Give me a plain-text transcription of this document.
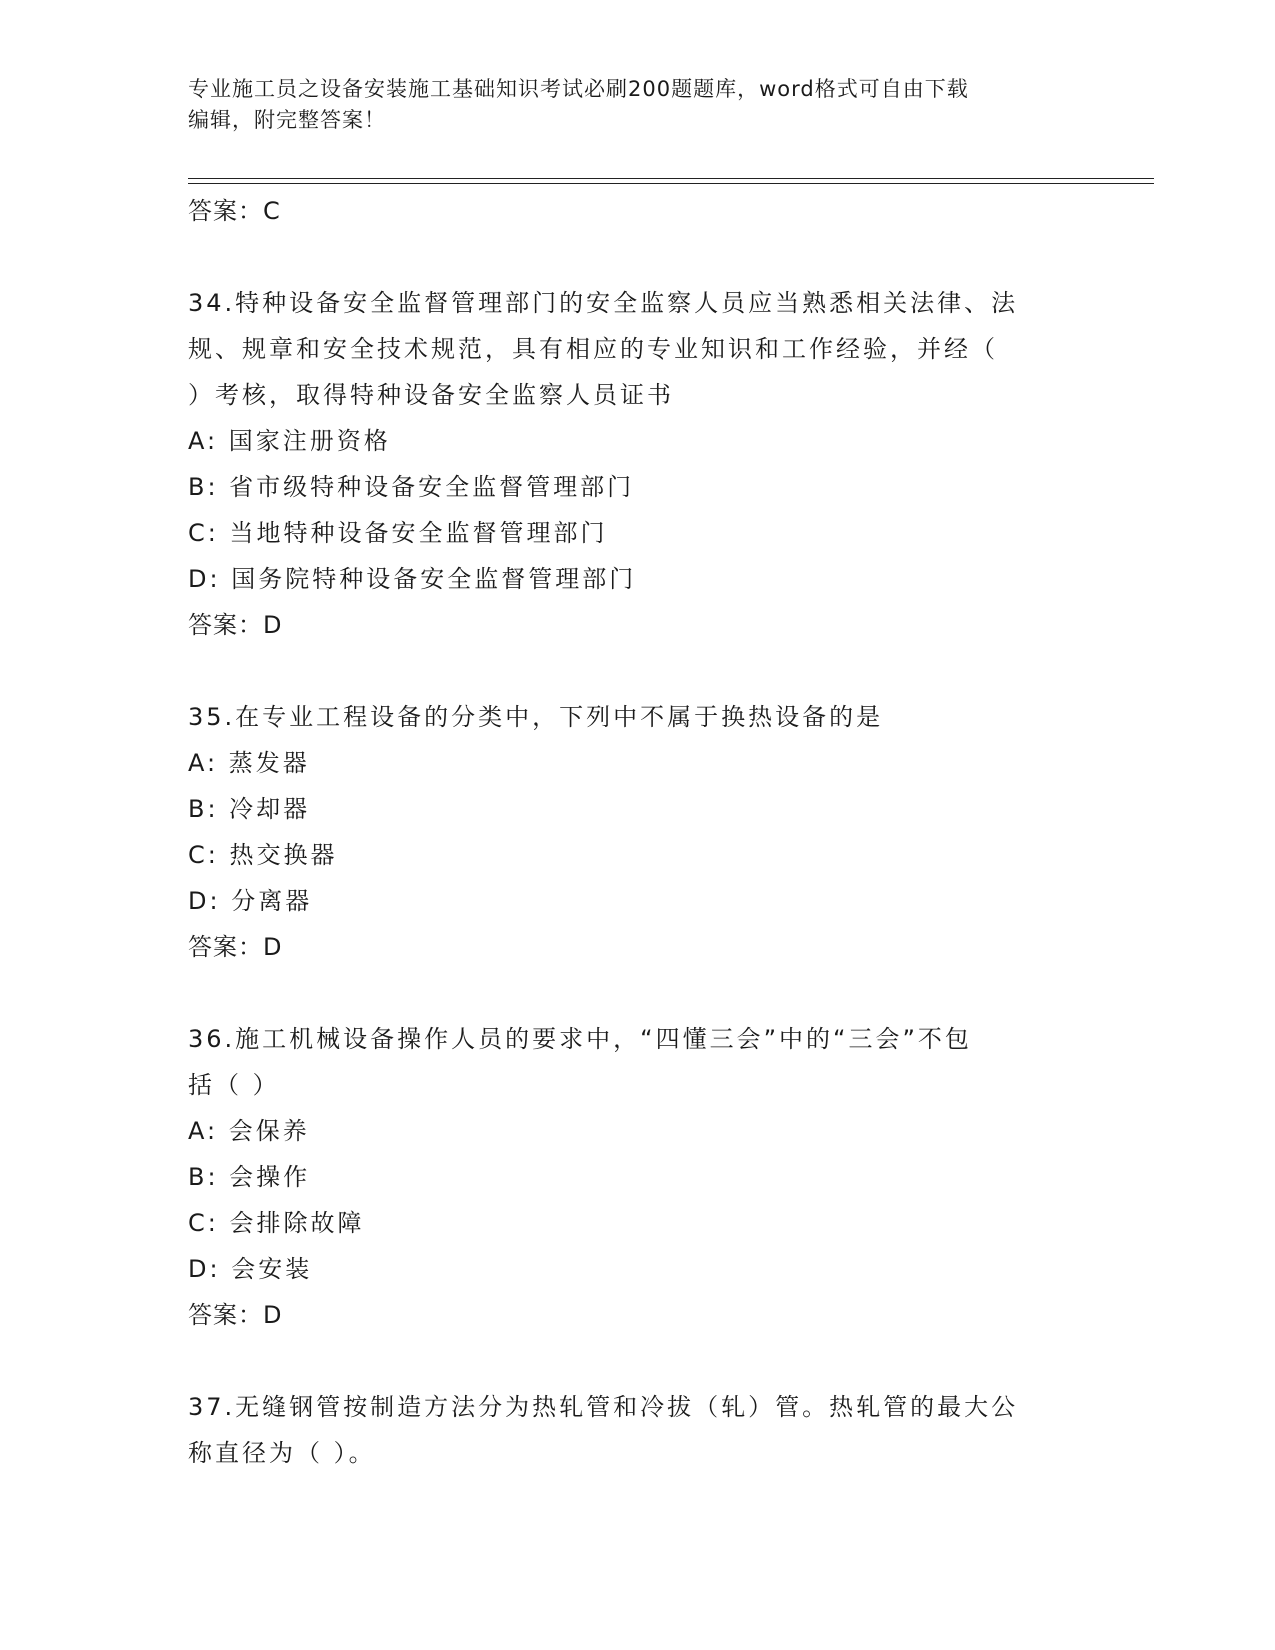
专业施工员之设备安装施工基础知识考试必刷200题题库，word格式可自由下载
编辑，附完整答案！
答案：C
34.特种设备安全监督管理部门的安全监察人员应当熟悉相关法律、法
规、规章和安全技术规范，具有相应的专业知识和工作经验，并经（
）考核，取得特种设备安全监察人员证书
A: 国家注册资格
B: 省市级特种设备安全监督管理部门
C: 当地特种设备安全监督管理部门
D: 国务院特种设备安全监督管理部门
答案：D
35.在专业工程设备的分类中，下列中不属于换热设备的是
A: 蒸发器
B: 冷却器
C: 热交换器
D: 分离器
答案：D
36.施工机械设备操作人员的要求中，“四懂三会”中的“三会”不包
括（ ）
A: 会保养
B: 会操作
C: 会排除故障
D: 会安装
答案：D
37.无缝钢管按制造方法分为热轧管和冷拔（轧）管。热轧管的最大公
称直径为（ ）。
